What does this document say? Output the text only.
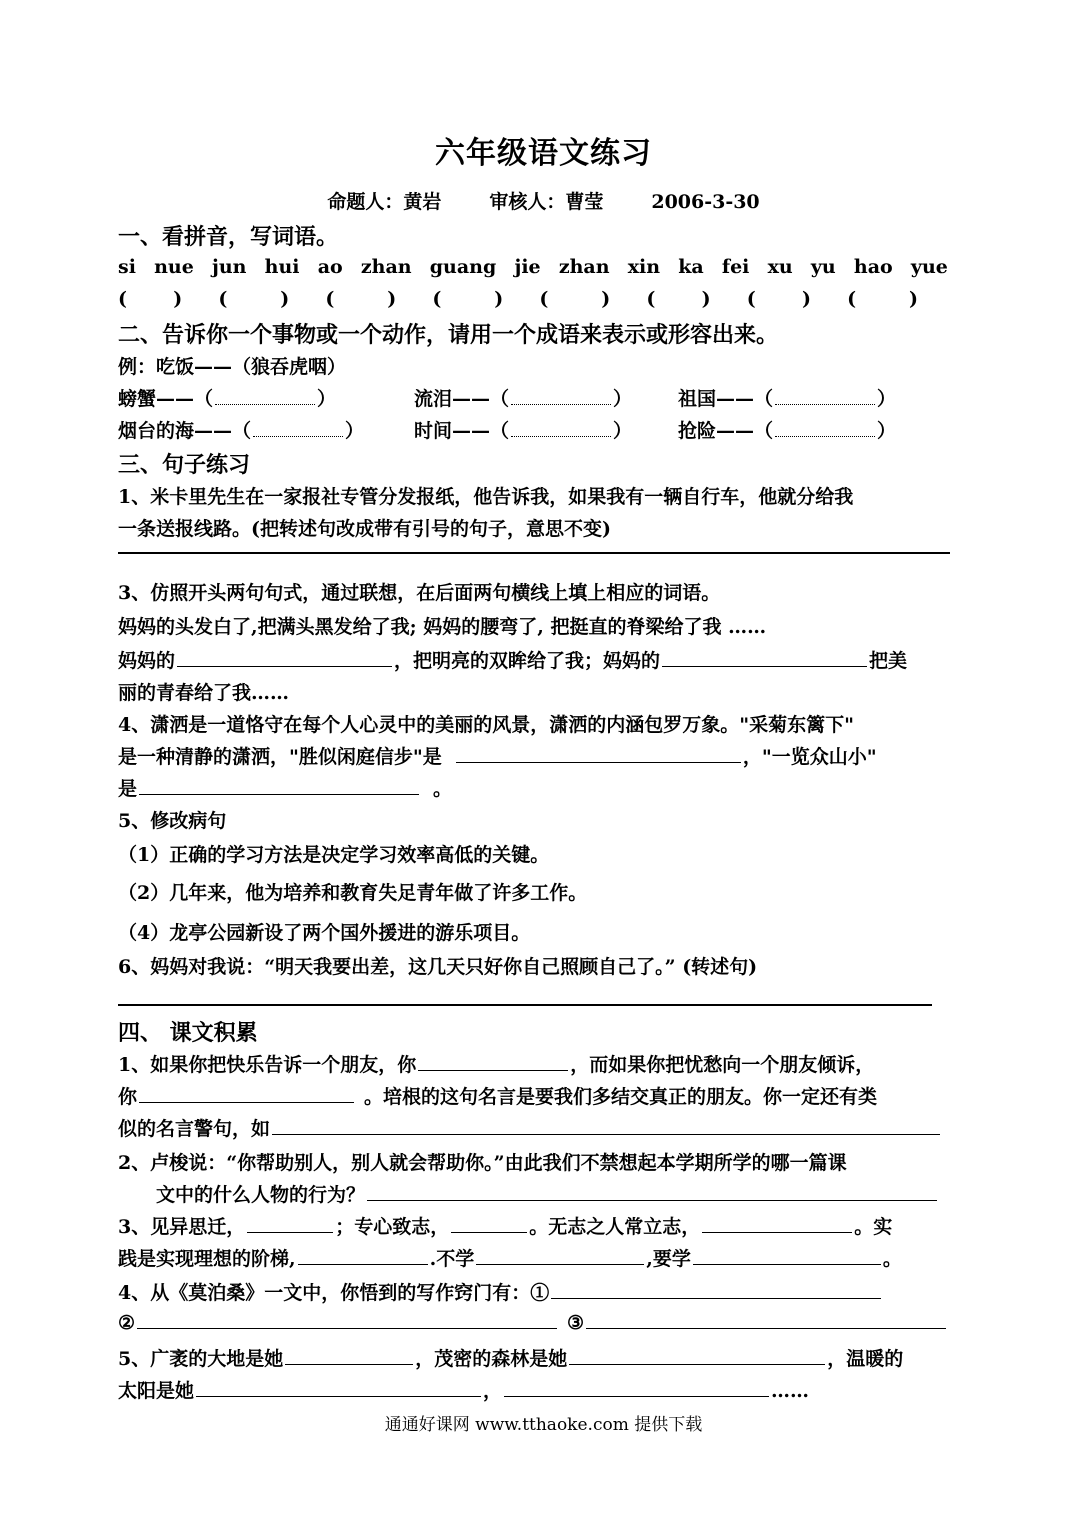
六年级语文练习
命题人：黄岩	审核人：曹莹	2006-3-30
一、看拼音，写词语。
si nue jun hui ao zhan guang jie zhan xin ka fei xu yu hao yue
(       ) (        ) (        ) (        ) (        ) (       ) (       ) (        )
二、告诉你一个事物或一个动作，请用一个成语来表示或形容出来。
例：吃饭——（狼吞虎咽）
螃蟹——（	）	流泪——（	） 祖国——（	）
烟台的海——（	）	时间——（	） 抢险——（	）
三、句子练习
1、米卡里先生在一家报社专管分发报纸，他告诉我，如果我有一辆自行车，他就分给我
一条送报线路。(把转述句改成带有引号的句子，意思不变)
3、仿照开头两句句式，通过联想，在后面两句横线上填上相应的词语。
妈妈的头发白了,把满头黑发给了我; 妈妈的腰弯了, 把挺直的脊梁给了我 ……
妈妈的	，把明亮的双眸给了我；妈妈的	把美
丽的青春给了我……
4、潇洒是一道恪守在每个人心灵中的美丽的风景，潇洒的内涵包罗万象。"采菊东篱下"
是一种清静的潇洒，"胜似闲庭信步"是	，"一览众山小"
是	。
5、修改病句
（1）正确的学习方法是决定学习效率高低的关键。
（2）几年来，他为培养和教育失足青年做了许多工作。
（4）龙亭公园新设了两个国外援进的游乐项目。
6、妈妈对我说：“明天我要出差，这几天只好你自己照顾自己了。” (转述句)
四、 课文积累
1、如果你把快乐告诉一个朋友，你	，而如果你把忧愁向一个朋友倾诉，
你	。培根的这句名言是要我们多结交真正的朋友。你一定还有类
似的名言警句，如
2、卢梭说：“你帮助别人，别人就会帮助你。”由此我们不禁想起本学期所学的哪一篇课
文中的什么人物的行为？
3、见异思迁，	；专心致志，	。无志之人常立志，	。实
践是实现理想的阶梯,	.不学	,要学	。
4、从《莫泊桑》一文中，你悟到的写作窍门有：①
②	③
5、广袤的大地是她	，茂密的森林是她	，温暖的
太阳是她	，	……
通通好课网 www.tthaoke.com 提供下载
